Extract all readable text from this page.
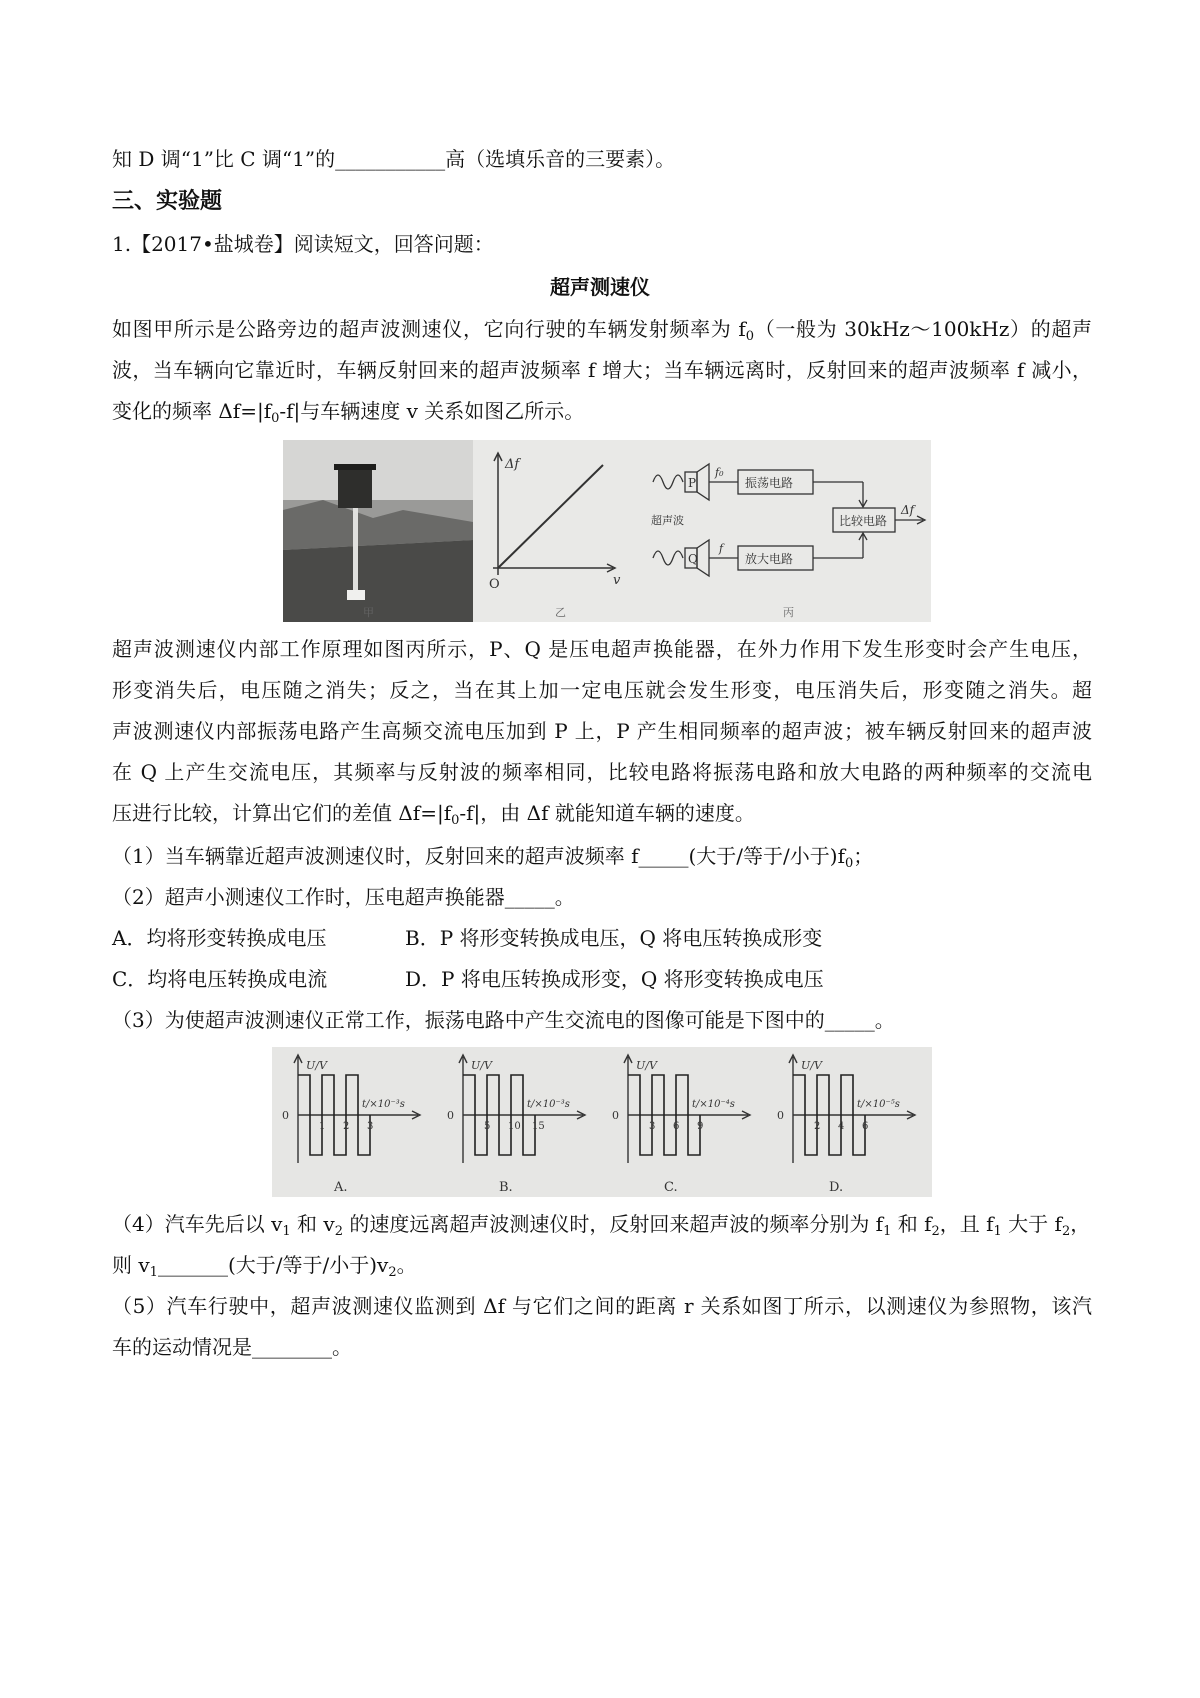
知 D 调“1”比 C 调“1”的___________高（选填乐音的三要素）。
三、实验题
1.【2017•盐城卷】阅读短文，回答问题：
超声测速仪
如图甲所示是公路旁边的超声波测速仪，它向行驶的车辆发射频率为 $f_0$（一般为 30kHz～100kHz）的超声
波，当车辆向它靠近时，车辆反射回来的超声波频率 f 增大；当车辆远离时，反射回来的超声波频率 f 减小，
变化的频率 $\Delta f=|f_0-f|$与车辆速度 v 关系如图乙所示。
Δf
O	v
甲	乙	丙
P
Q
f₀
f
振荡电路
放大电路
比较电路
超声波
Δf
超声波测速仪内部工作原理如图丙所示，P、Q 是压电超声换能器，在外力作用下发生形变时会产生电压，
形变消失后，电压随之消失；反之，当在其上加一定电压就会发生形变，电压消失后，形变随之消失。超
声波测速仪内部振荡电路产生高频交流电压加到 P 上，P 产生相同频率的超声波；被车辆反射回来的超声波
在 Q 上产生交流电压，其频率与反射波的频率相同，比较电路将振荡电路和放大电路的两种频率的交流电
压进行比较，计算出它们的差值 $\Delta f=|f_0-f|$，由 Δf 就能知道车辆的速度。
（1）当车辆靠近超声波测速仪时，反射回来的超声波频率 f_____(大于/等于/小于)$f_0$；
（2）超声小测速仪工作时，压电超声换能器_____。
A．均将形变转换成电压	B．P 将形变转换成电压，Q 将电压转换成形变
C．均将电压转换成电流	D．P 将电压转换成形变，Q 将形变转换成电压
（3）为使超声波测速仪正常工作，振荡电路中产生交流电的图像可能是下图中的_____。
U/V
t/×10⁻³s
0
1 2 3
A.
U/V
t/×10⁻³s
0
5 10 15
B.
U/V
t/×10⁻⁴s
0
3 6 9
C.
U/V
t/×10⁻⁵s
0
2 4 6
D.
（4）汽车先后以 $v_1$ 和 $v_2$ 的速度远离超声波测速仪时，反射回来超声波的频率分别为 $f_1$ 和 $f_2$，且 $f_1$ 大于 $f_2$，
则 $v_1\_\_\_\_\_\_\_$(大于/等于/小于)$v_2$。
（5）汽车行驶中，超声波测速仪监测到 Δf 与它们之间的距离 r 关系如图丁所示，以测速仪为参照物，该汽
车的运动情况是________。
